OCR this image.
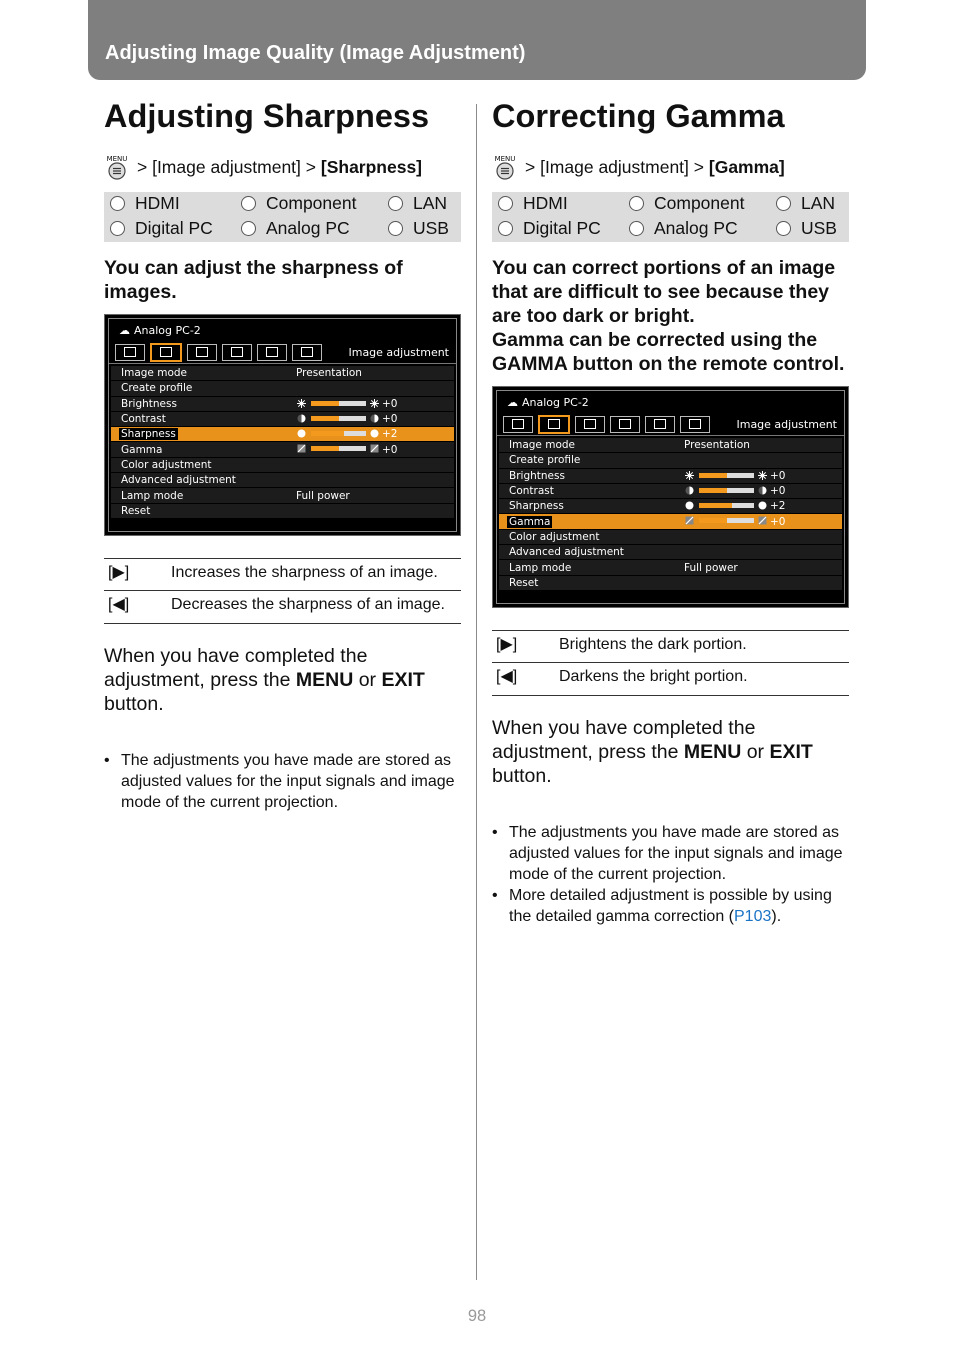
Adjusting Image Quality (Image Adjustment)
Adjusting Sharpness
MENU > [Image adjustment] >
[Sharpness]
HDMI	Component	LAN
Digital PC	Analog PC	USB

You can adjust the sharpness of images.

☁ Analog PC-2
Image adjustment
Image mode	Presentation
Create profile
Brightness	+0
Contrast	+0
Sharpness	+2
Gamma	+0
Color adjustment
Advanced adjustment
Lamp mode	Full power
Reset
[▶]	Increases the sharpness of an image.
[◀]	Decreases the sharpness of an image.
When you have completed the adjustment, press the MENU or EXIT button.
• The adjustments you have made are stored as adjusted values for the input signals and image mode of the current projection.
Correcting Gamma
MENU > [Image adjustment] >
[Gamma]
HDMI	Component	LAN
Digital PC	Analog PC	USB

You can correct portions of an image that are difficult to see because they are too dark or bright.

Gamma can be corrected using the GAMMA button on the remote control.

☁ Analog PC-2
Image adjustment
Image mode	Presentation
Create profile
Brightness	+0
Contrast	+0
Sharpness	+2
Gamma	+0
Color adjustment
Advanced adjustment
Lamp mode	Full power
Reset
[▶]	Brightens the dark portion.
[◀]	Darkens the bright portion.
When you have completed the adjustment, press the MENU or EXIT button.
• The adjustments you have made are stored as adjusted values for the input signals and image mode of the current projection.
• More detailed adjustment is possible by using the detailed gamma correction (P103).
98
